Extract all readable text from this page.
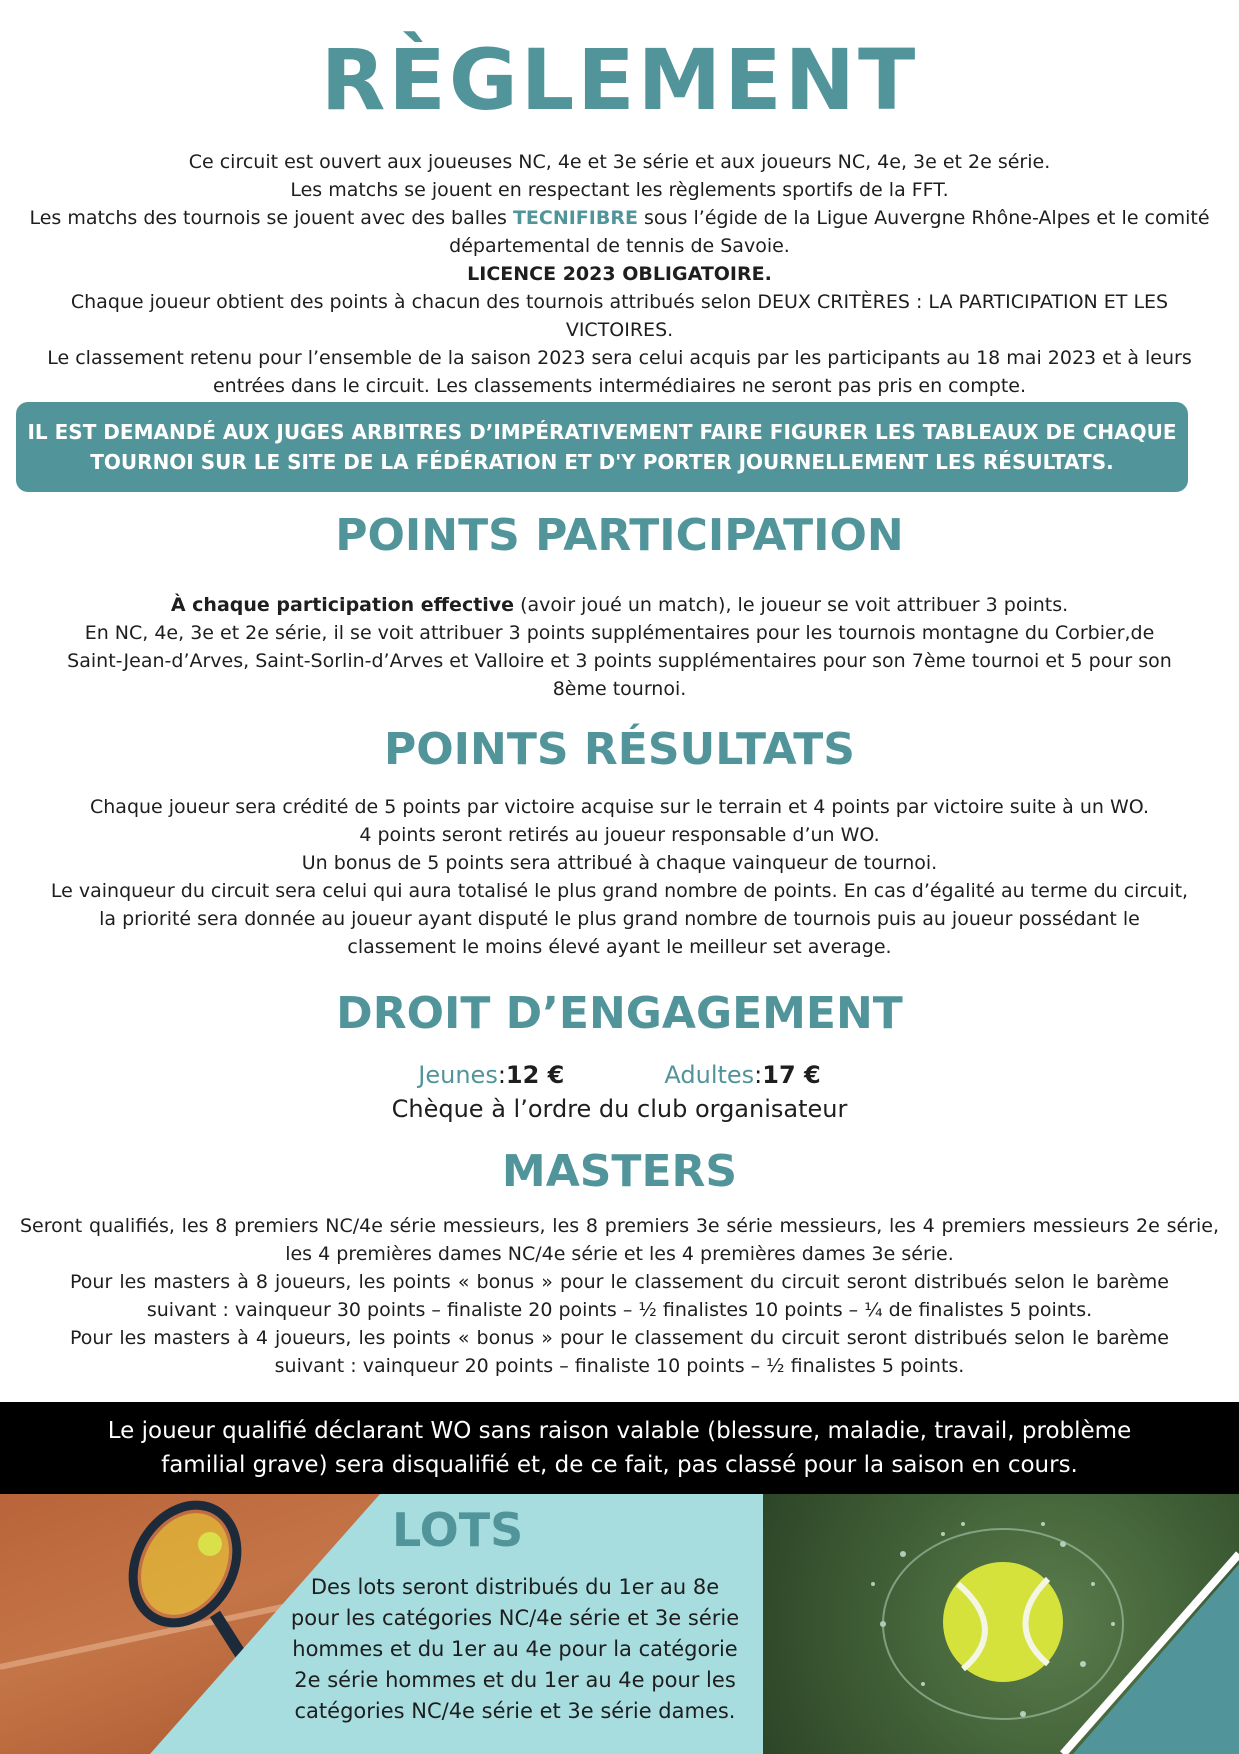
RÈGLEMENT

Ce circuit est ouvert aux joueuses NC, 4e et 3e série et aux joueurs NC, 4e, 3e et 2e série.

Les matchs se jouent en respectant les règlements sportifs de la FFT.

Les matchs des tournois se jouent avec des balles TECNIFIBRE sous l’égide de la Ligue Auvergne Rhône-Alpes et le comité départemental de tennis de Savoie.

LICENCE 2023 OBLIGATOIRE.

Chaque joueur obtient des points à chacun des tournois attribués selon DEUX CRITÈRES : LA PARTICIPATION ET LES VICTOIRES.

Le classement retenu pour l’ensemble de la saison 2023 sera celui acquis par les participants au 18 mai 2023 et à leurs entrées dans le circuit. Les classements intermédiaires ne seront pas pris en compte.

IL EST DEMANDÉ AUX JUGES ARBITRES D’IMPÉRATIVEMENT FAIRE FIGURER LES TABLEAUX DE CHAQUE
TOURNOI SUR LE SITE DE LA FÉDÉRATION ET D'Y PORTER JOURNELLEMENT LES RÉSULTATS.
POINTS PARTICIPATION

À chaque participation effective (avoir joué un match), le joueur se voit attribuer 3 points.

En NC, 4e, 3e et 2e série, il se voit attribuer 3 points supplémentaires pour les tournois montagne du Corbier,de Saint-Jean-d’Arves, Saint-Sorlin-d’Arves et Valloire et 3 points supplémentaires pour son 7ème tournoi et 5 pour son 8ème tournoi.

POINTS RÉSULTATS

Chaque joueur sera crédité de 5 points par victoire acquise sur le terrain et 4 points par victoire suite à un WO.

4 points seront retirés au joueur responsable d’un WO.

Un bonus de 5 points sera attribué à chaque vainqueur de tournoi.

Le vainqueur du circuit sera celui qui aura totalisé le plus grand nombre de points. En cas d’égalité au terme du circuit, la priorité sera donnée au joueur ayant disputé le plus grand nombre de tournois puis au joueur possédant le classement le moins élevé ayant le meilleur set average.

DROIT D’ENGAGEMENT
Jeunes:12 €	Adultes:17 €
Chèque à l’ordre du club organisateur
MASTERS

Seront qualifiés, les 8 premiers NC/4e série messieurs, les 8 premiers 3e série messieurs, les 4 premiers messieurs 2e série, les 4 premières dames NC/4e série et les 4 premières dames 3e série.

Pour les masters à 8 joueurs, les points « bonus » pour le classement du circuit seront distribués selon le barème suivant : vainqueur 30 points – finaliste 20 points – ½ finalistes 10 points – ¼ de finalistes 5 points.

Pour les masters à 4 joueurs, les points « bonus » pour le classement du circuit seront distribués selon le barème suivant : vainqueur 20 points – finaliste 10 points – ½ finalistes 5 points.

Le joueur qualifié déclarant WO sans raison valable (blessure, maladie, travail, problème
familial grave) sera disqualifié et, de ce fait, pas classé pour la saison en cours.
LOTS
Des lots seront distribués du 1er au 8e
pour les catégories NC/4e série et 3e série
hommes et du 1er au 4e pour la catégorie
2e série hommes et du 1er au 4e pour les
catégories NC/4e série et 3e série dames.
